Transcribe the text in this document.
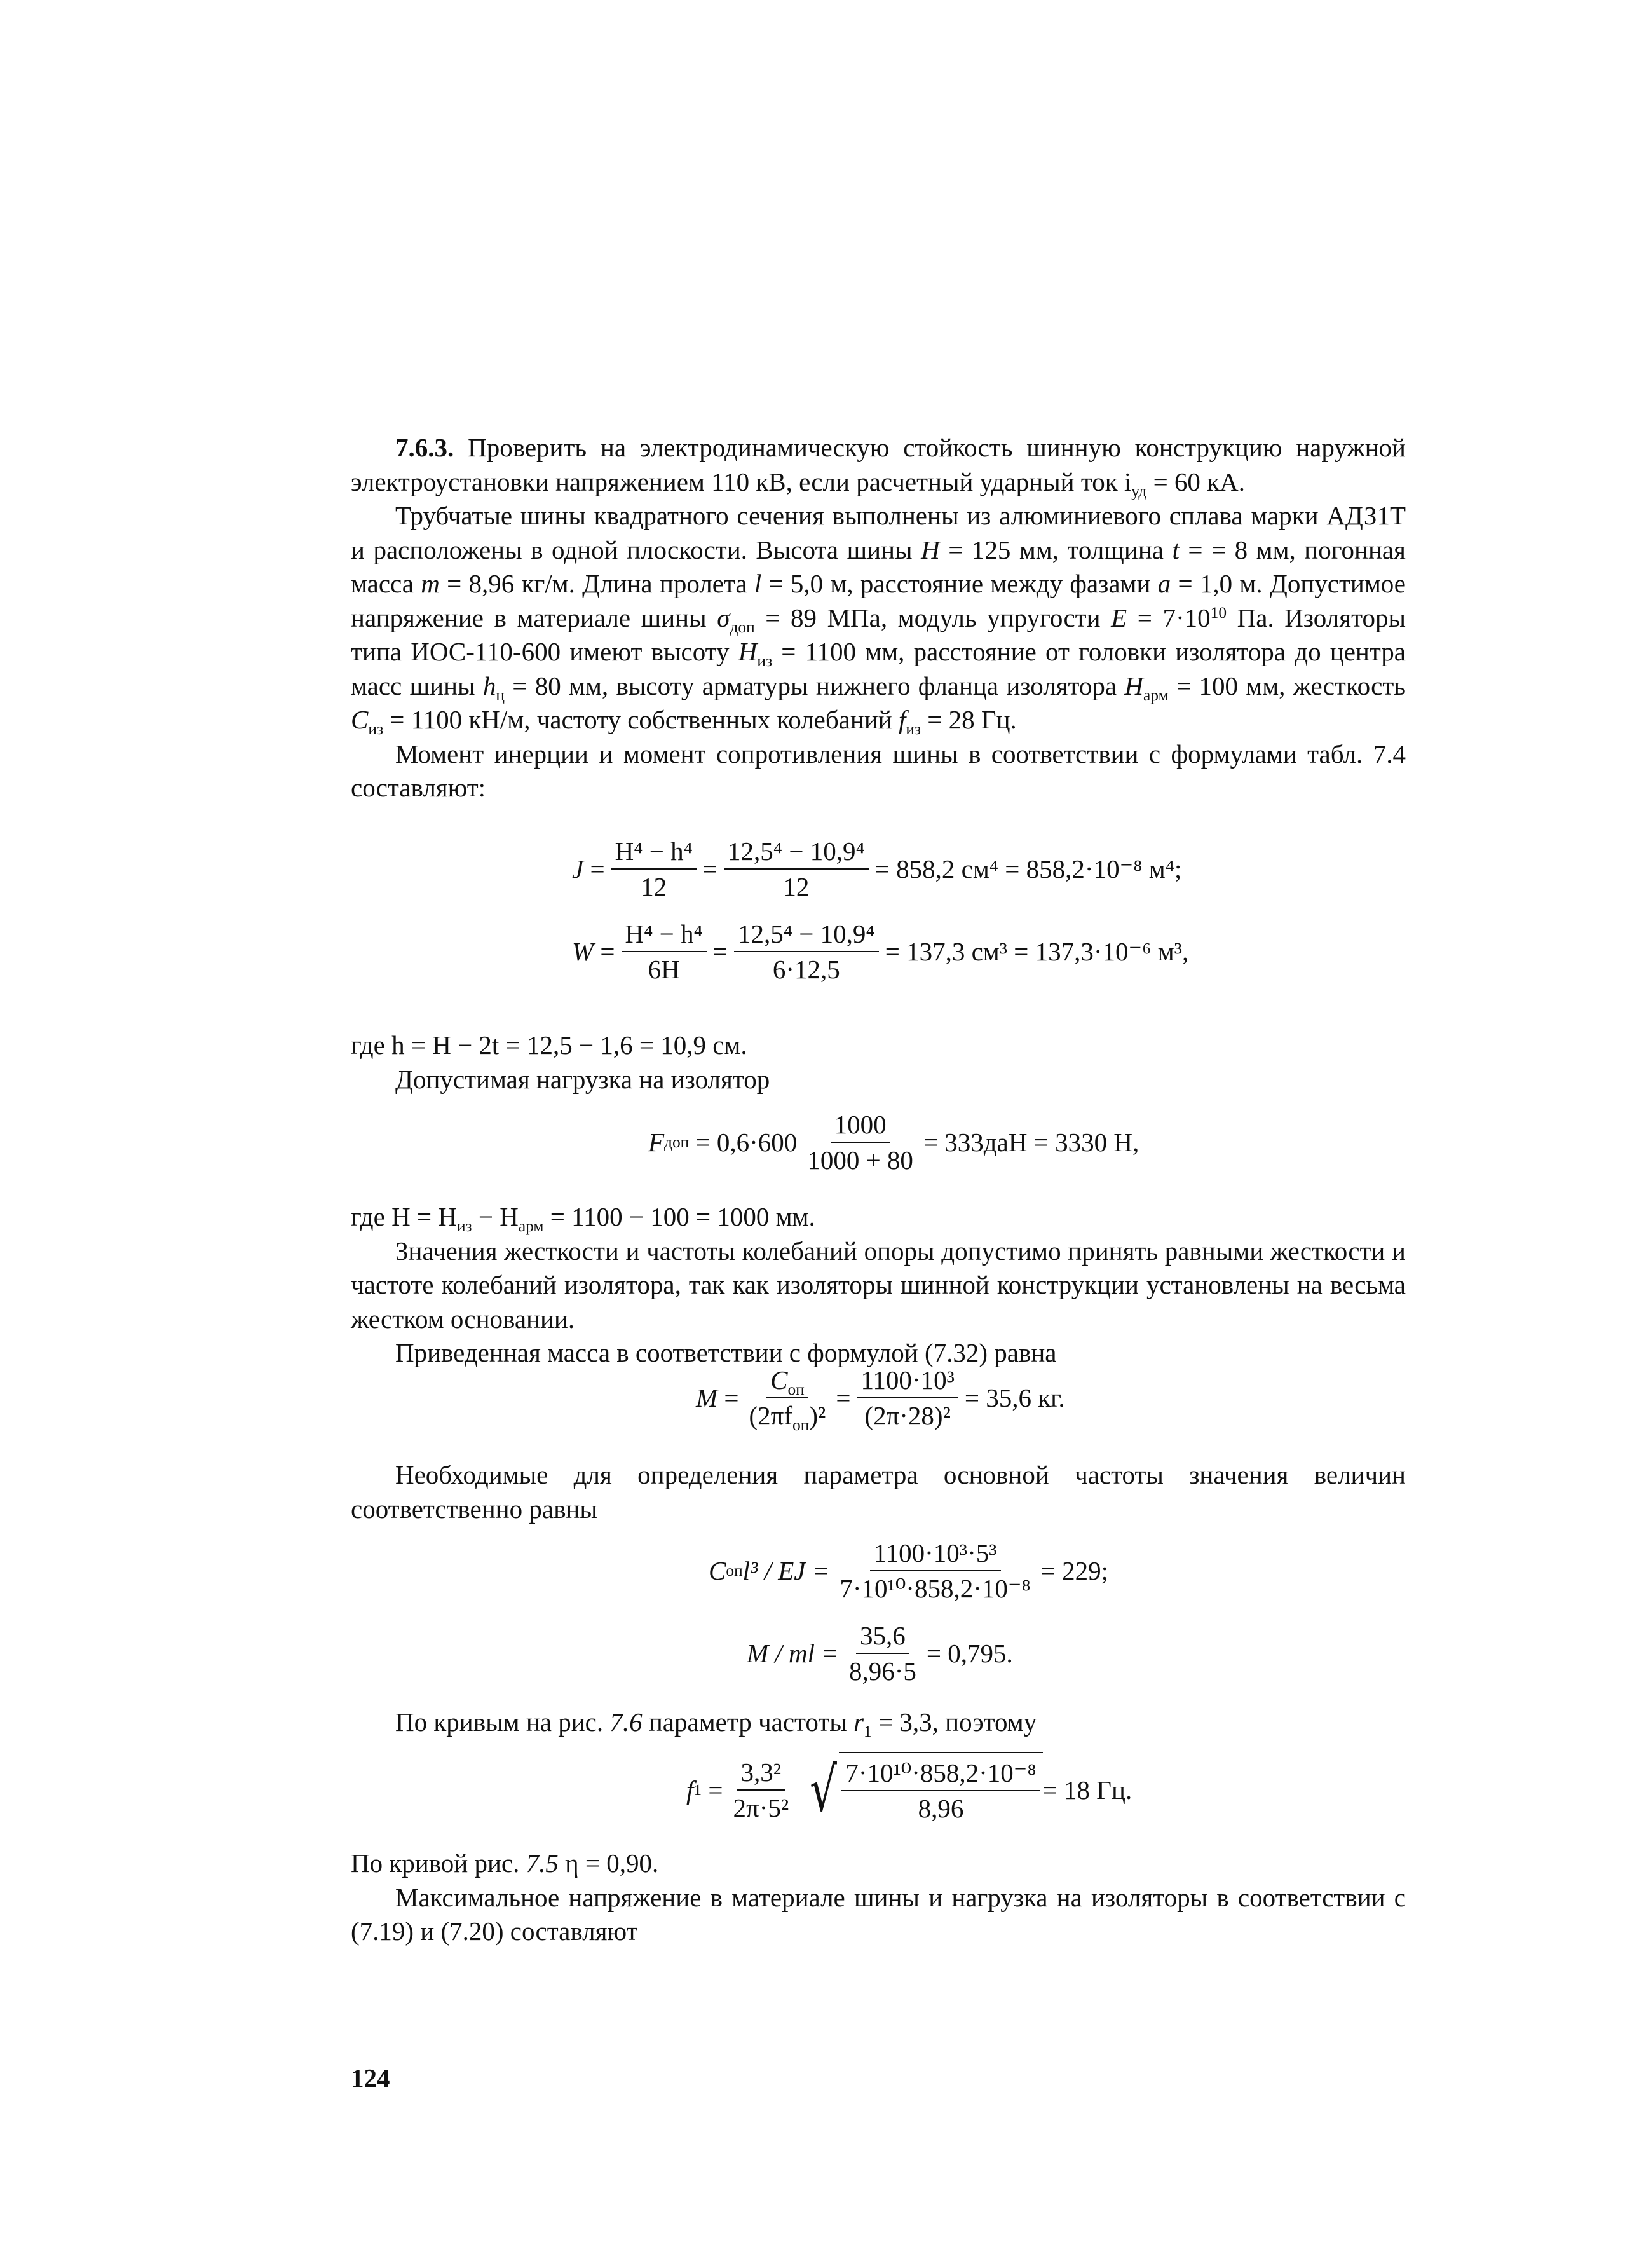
7.6.3. Проверить на электродинамическую стойкость шинную конструкцию наружной электроустановки напряжением 110 кВ, если расчетный ударный ток $i_{уд} = 60$ кА.

Трубчатые шины квадратного сечения выполнены из алюминиевого сплава марки АДЗ1Т и расположены в одной плоскости. Высота шины H = 125 мм, толщина t = = 8 мм, погонная масса m = 8,96 кг/м. Длина пролета l = 5,0 м, расстояние между фазами a = 1,0 м. Допустимое напряжение в материале шины $\sigma_{доп} = 89$ МПа, модуль упругости $E = 7\cdot 10^{10}$ Па. Изоляторы типа ИОС-110-600 имеют высоту $H_{из} = 1100$ мм, расстояние от головки изолятора до центра масс шины $h_ц = 80$ мм, высоту арматуры нижнего фланца изолятора $H_{арм} = 100$ мм, жесткость $C_{из} = 1100$ кН/м, частоту собственных колебаний $f_{из} = 28$ Гц.

Момент инерции и момент сопротивления шины в соответствии с формулами табл. 7.4 составляют:

$J = \frac{\text{H⁴ − h⁴}}{12} = \frac{\text{12,5⁴ − 10,9⁴}}{12} = 858,2$ см⁴ = 858,2·10⁻⁸ м⁴;
$W = \frac{\text{H⁴ − h⁴}}{6H} = \frac{\text{12,5⁴ − 10,9⁴}}{6\cdot 12,5} = 137,3$ см³ = 137,3·10⁻⁶ м³,

где h = H − 2t = 12,5 − 1,6 = 10,9 см.

Допустимая нагрузка на изолятор

F доп
= $0,6\cdot 600 \frac{1000}{1000 + 80} = 333даН = 3330$ Н,

где $H = H_{из} - H_{арм} = 1100 - 100 = 1000$ мм.

Значения жесткости и частоты колебаний опоры допустимо принять равными жесткости и частоте колебаний изолятора, так как изоляторы шинной конструкции установлены на весьма жестком основании.

Приведенная масса в соответствии с формулой (7.32) равна

$M = \frac{C_{оп}}{(2\pi f_{оп})^2} = \frac{\text{1100·10³}}{\text{(2π·28)²}} = 35,6$ кг.

Необходимые для определения параметра основной частоты значения величин соответственно равны

C оп l³ / EJ = $\frac{\text{1100·10³·5³}}{\text{7·10¹⁰·858,2·10⁻⁸}} = 229$;
M / ml = $\frac{35,6}{8,96\cdot 5} = 0,795$.

По кривым на рис. 7.6 параметр частоты $r_1 = 3,3$, поэтому

f $1 = \frac{\text{3,3²}}{\text{2π·5²}}$ √ $\frac{\text{7·10¹⁰·858,2·10⁻⁸}}{8,96} = 18$ Гц.

По кривой рис. 7.5 η = 0,90.

Максимальное напряжение в материале шины и нагрузка на изоляторы в соответствии с (7.19) и (7.20) составляют

124
